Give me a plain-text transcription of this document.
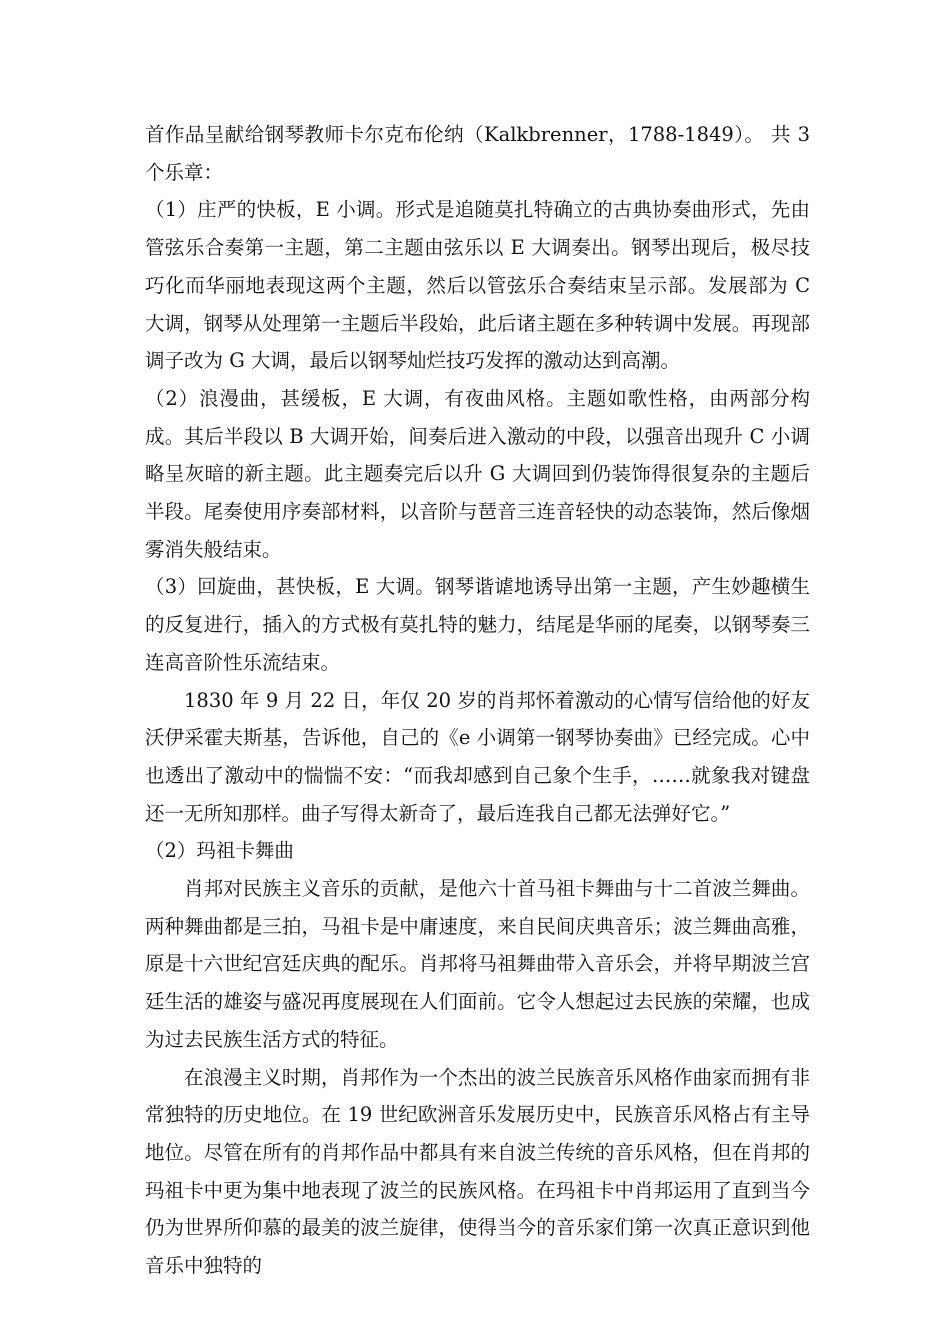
首作品呈献给钢琴教师卡尔克布伦纳（Kalkbrenner，1788-1849）。 共 3 个乐章：

（1）庄严的快板，E 小调。形式是追随莫扎特确立的古典协奏曲形式，先由管弦乐合奏第一主题，第二主题由弦乐以 E 大调奏出。钢琴出现后，极尽技巧化而华丽地表现这两个主题，然后以管弦乐合奏结束呈示部。发展部为 C 大调，钢琴从处理第一主题后半段始，此后诸主题在多种转调中发展。再现部调子改为 G 大调，最后以钢琴灿烂技巧发挥的激动达到高潮。

（2）浪漫曲，甚缓板，E 大调，有夜曲风格。主题如歌性格，由两部分构成。其后半段以 B 大调开始，间奏后进入激动的中段，以强音出现升 C 小调略呈灰暗的新主题。此主题奏完后以升 G 大调回到仍装饰得很复杂的主题后半段。尾奏使用序奏部材料，以音阶与琶音三连音轻快的动态装饰，然后像烟雾消失般结束。

（3）回旋曲，甚快板，E 大调。钢琴谐谑地诱导出第一主题，产生妙趣横生的反复进行，插入的方式极有莫扎特的魅力，结尾是华丽的尾奏，以钢琴奏三连高音阶性乐流结束。

1830 年 9 月 22 日，年仅 20 岁的肖邦怀着激动的心情写信给他的好友沃伊采霍夫斯基，告诉他，自己的《e 小调第一钢琴协奏曲》已经完成。心中也透出了激动中的惴惴不安：“而我却感到自己象个生手，……就象我对键盘还一无所知那样。曲子写得太新奇了，最后连我自己都无法弹好它。”

（2）玛祖卡舞曲

肖邦对民族主义音乐的贡献，是他六十首马祖卡舞曲与十二首波兰舞曲。两种舞曲都是三拍，马祖卡是中庸速度，来自民间庆典音乐；波兰舞曲高雅，原是十六世纪宫廷庆典的配乐。肖邦将马祖舞曲带入音乐会，并将早期波兰宫廷生活的雄姿与盛况再度展现在人们面前。它令人想起过去民族的荣耀，也成为过去民族生活方式的特征。

在浪漫主义时期，肖邦作为一个杰出的波兰民族音乐风格作曲家而拥有非常独特的历史地位。在 19 世纪欧洲音乐发展历史中，民族音乐风格占有主导地位。尽管在所有的肖邦作品中都具有来自波兰传统的音乐风格，但在肖邦的玛祖卡中更为集中地表现了波兰的民族风格。在玛祖卡中肖邦运用了直到当今仍为世界所仰慕的最美的波兰旋律，使得当今的音乐家们第一次真正意识到他音乐中独特的
